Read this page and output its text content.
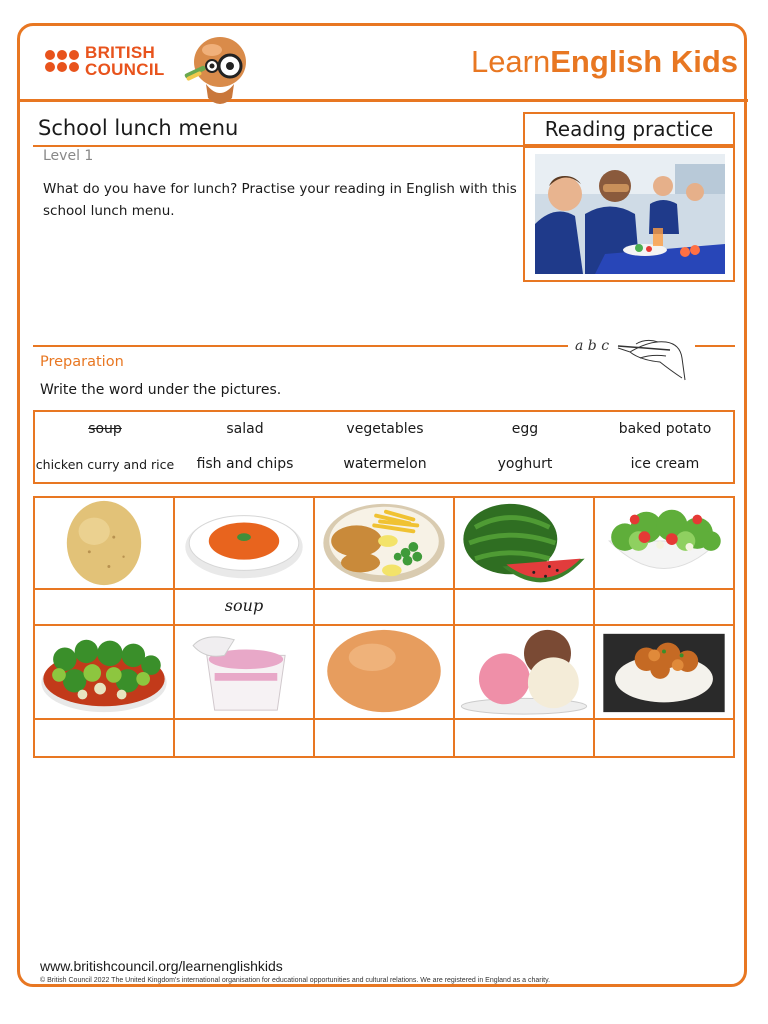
BRITISH
COUNCIL	LearnEnglish Kids
School lunch menu	Reading practice
Level 1
What do you have for lunch? Practise your reading in English with this school lunch menu.
a b c
Preparation
Write the word under the pictures.
soup	salad	vegetables	egg	baked potato
chicken curry and rice	fish and chips	watermelon	yoghurt	ice cream
soup
www.britishcouncil.org/learnenglishkids
© British Council 2022 The United Kingdom's international organisation for educational opportunities and cultural relations. We are registered in England as a charity.
